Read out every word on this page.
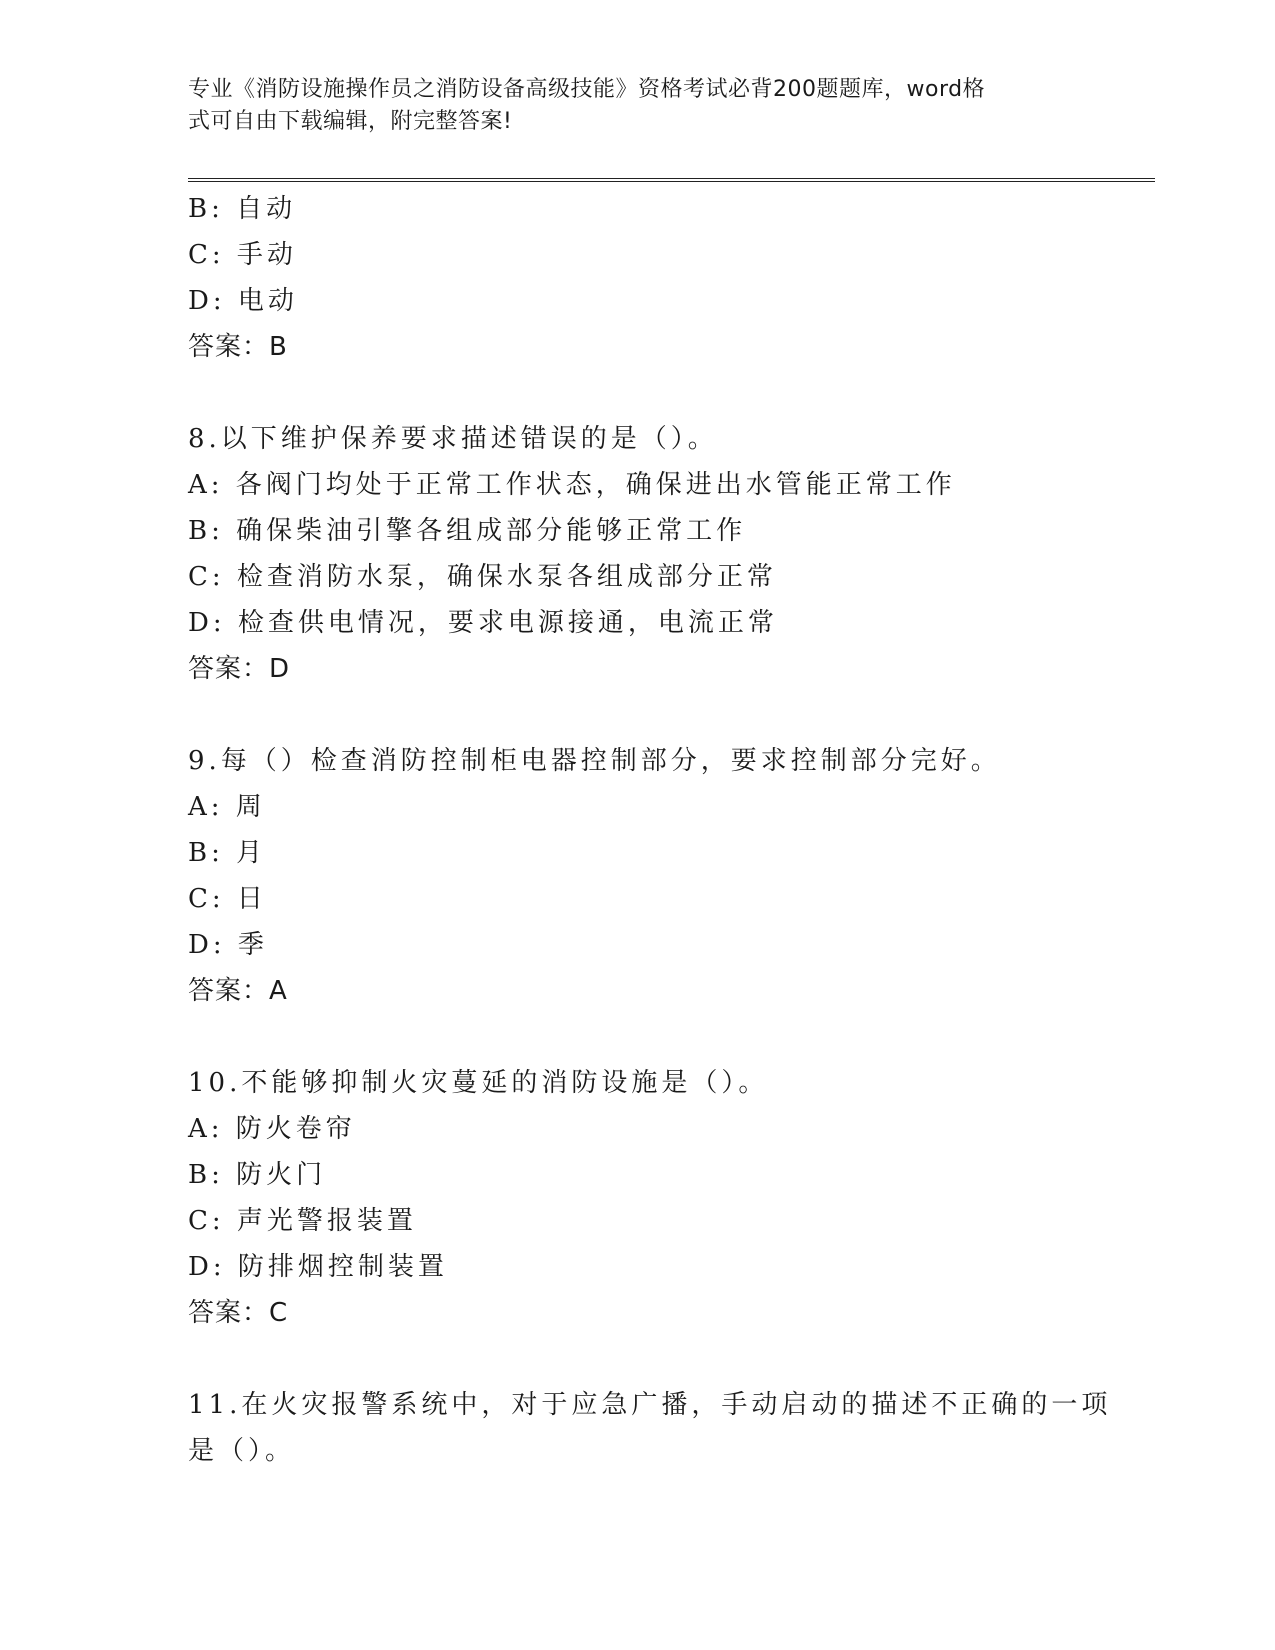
专业《消防设施操作员之消防设备高级技能》资格考试必背200题题库，word格
式可自由下载编辑，附完整答案!
B: 自动
C: 手动
D: 电动
答案：B
8.以下维护保养要求描述错误的是（）。
A: 各阀门均处于正常工作状态，确保进出水管能正常工作
B: 确保柴油引擎各组成部分能够正常工作
C: 检查消防水泵，确保水泵各组成部分正常
D: 检查供电情况，要求电源接通，电流正常
答案：D
9.每（）检查消防控制柜电器控制部分，要求控制部分完好。
A: 周
B: 月
C: 日
D: 季
答案：A
10.不能够抑制火灾蔓延的消防设施是（）。
A: 防火卷帘
B: 防火门
C: 声光警报装置
D: 防排烟控制装置
答案：C
11.在火灾报警系统中，对于应急广播，手动启动的描述不正确的一项
是（）。
